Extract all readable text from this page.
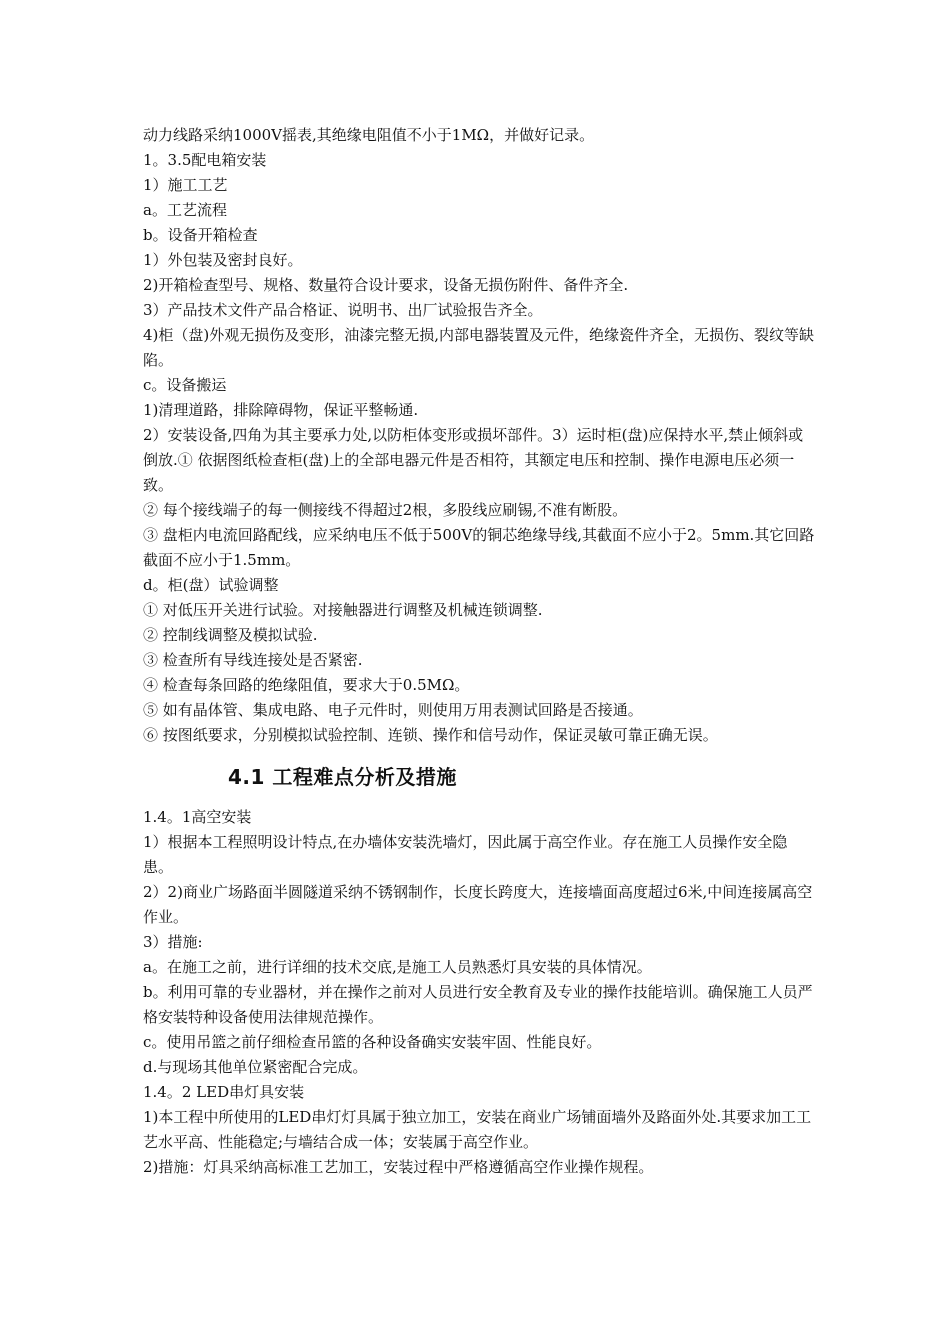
动力线路采纳1000V摇表,其绝缘电阻值不小于1MΩ，并做好记录。

1。3.5配电箱安装

1）施工工艺

a。工艺流程

b。设备开箱检查

1）外包装及密封良好。

2)开箱检查型号、规格、数量符合设计要求，设备无损伤附件、备件齐全.

3）产品技术文件产品合格证、说明书、出厂试验报告齐全。

4)柜（盘)外观无损伤及变形，油漆完整无损,内部电器装置及元件，绝缘瓷件齐全，无损伤、裂纹等缺陷。

c。设备搬运

1)清理道路，排除障碍物，保证平整畅通.

2）安装设备,四角为其主要承力处,以防柜体变形或损坏部件。3）运时柜(盘)应保持水平,禁止倾斜或倒放.① 依据图纸检查柜(盘)上的全部电器元件是否相符，其额定电压和控制、操作电源电压必须一致。

② 每个接线端子的每一侧接线不得超过2根，多股线应刷锡,不准有断股。

③ 盘柜内电流回路配线，应采纳电压不低于500V的铜芯绝缘导线,其截面不应小于2。5mm.其它回路截面不应小于1.5mm。

d。柜(盘）试验调整

① 对低压开关进行试验。对接触器进行调整及机械连锁调整.

② 控制线调整及模拟试验.

③ 检查所有导线连接处是否紧密.

④ 检查每条回路的绝缘阻值，要求大于0.5MΩ。

⑤ 如有晶体管、集成电路、电子元件时，则使用万用表测试回路是否接通。

⑥ 按图纸要求，分别模拟试验控制、连锁、操作和信号动作，保证灵敏可靠正确无误。

4.1 工程难点分析及措施

1.4。1高空安装

1）根据本工程照明设计特点,在办墙体安装洗墙灯，因此属于高空作业。存在施工人员操作安全隐患。

2）2)商业广场路面半圆隧道采纳不锈钢制作，长度长跨度大，连接墙面高度超过6米,中间连接属高空作业。

3）措施:

a。在施工之前，进行详细的技术交底,是施工人员熟悉灯具安装的具体情况。

b。利用可靠的专业器材，并在操作之前对人员进行安全教育及专业的操作技能培训。确保施工人员严格安装特种设备使用法律规范操作。

c。使用吊篮之前仔细检查吊篮的各种设备确实安装牢固、性能良好。

d.与现场其他单位紧密配合完成。

1.4。2 LED串灯具安装

1)本工程中所使用的LED串灯灯具属于独立加工，安装在商业广场铺面墙外及路面外处.其要求加工工艺水平高、性能稳定;与墙结合成一体；安装属于高空作业。

2)措施：灯具采纳高标准工艺加工，安装过程中严格遵循高空作业操作规程。
